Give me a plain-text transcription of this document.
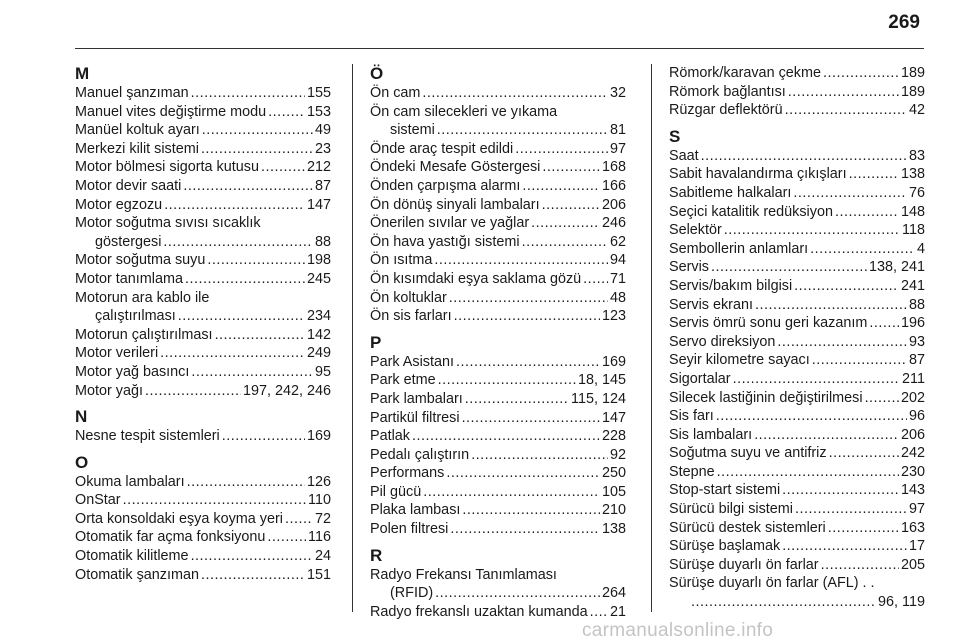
269
M
Manuel şanzıman .....	155
Manuel vites değiştirme modu .....	153
Manüel koltuk ayarı .....	49
Merkezi kilit sistemi .....	23
Motor bölmesi sigorta kutusu .....	212
Motor devir saati .....	87
Motor egzozu .....	147
Motor soğutma sıvısı sıcaklık
göstergesi .....	88
Motor soğutma suyu .....	198
Motor tanımlama .....	245
Motorun ara kablo ile
çalıştırılması .....	234
Motorun çalıştırılması .....	142
Motor verileri .....	249
Motor yağ basıncı .....	95
Motor yağı .....	197, 242, 246
N
Nesne tespit sistemleri .....	169
O
Okuma lambaları .....	126
OnStar .....	110
Orta konsoldaki eşya koyma yeri ..... 72
Otomatik far açma fonksiyonu .....	116
Otomatik kilitleme .....	24
Otomatik şanzıman .....	151
Ö
Ön cam .....	32
Ön cam silecekleri ve yıkama
sistemi .....	81
Önde araç tespit edildi .....	97
Öndeki Mesafe Göstergesi .....	168
Önden çarpışma alarmı .....	166
Ön dönüş sinyali lambaları .....	206
Önerilen sıvılar ve yağlar .....	246
Ön hava yastığı sistemi .....	62
Ön ısıtma .....	94
Ön kısımdaki eşya saklama gözü ..... 71
Ön koltuklar .....	48
Ön sis farları .....	123
P
Park Asistanı .....	169
Park etme .....	18, 145
Park lambaları .....	115, 124
Partikül filtresi .....	147
Patlak .....	228
Pedalı çalıştırın .....	92
Performans .....	250
Pil gücü .....	105
Plaka lambası .....	210
Polen filtresi .....	138
R
Radyo Frekansı Tanımlaması
(RFID) .....	264
Radyo frekanslı uzaktan kumanda ..... 21
Römork/karavan çekme .....	189
Römork bağlantısı .....	189
Rüzgar deflektörü .....	42
S
Saat .....	83
Sabit havalandırma çıkışları .....	138
Sabitleme halkaları .....	76
Seçici katalitik redüksiyon .....	148
Selektör .....	118
Sembollerin anlamları .....	4
Servis .....	138, 241
Servis/bakım bilgisi .....	241
Servis ekranı .....	88
Servis ömrü sonu geri kazanım ..... 196
Servo direksiyon .....	93
Seyir kilometre sayacı .....	87
Sigortalar .....	211
Silecek lastiğinin değiştirilmesi .....	202
Sis farı .....	96
Sis lambaları .....	206
Soğutma suyu ve antifriz .....	242
Stepne .....	230
Stop-start sistemi .....	143
Sürücü bilgi sistemi .....	97
Sürücü destek sistemleri .....	163
Sürüşe başlamak .....	17
Sürüşe duyarlı ön farlar .....	205
Sürüşe duyarlı ön farlar (AFL) . .
.....
96, 119
carmanualsonline.info
